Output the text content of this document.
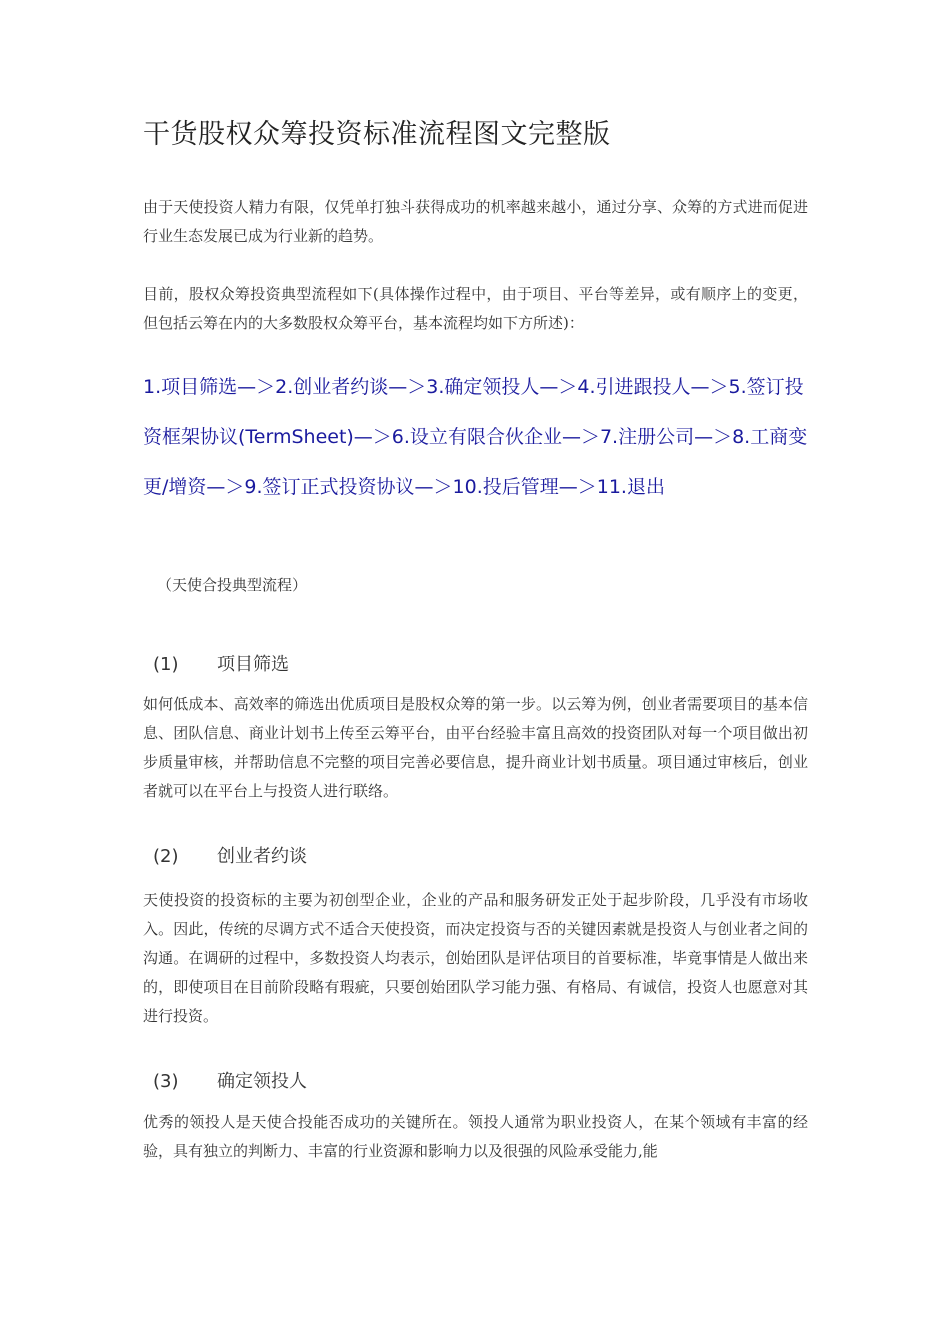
干货股权众筹投资标准流程图文完整版

由于天使投资人精力有限，仅凭单打独斗获得成功的机率越来越小，通过分享、众筹的方式进而促进行业生态发展已成为行业新的趋势。

目前，股权众筹投资典型流程如下(具体操作过程中，由于项目、平台等差异，或有顺序上的变更，但包括云筹在内的大多数股权众筹平台，基本流程均如下方所述)：

1.项目筛选—＞2.创业者约谈—＞3.确定领投人—＞4.引进跟投人—＞5.签订投资框架协议(TermSheet)—＞6.设立有限合伙企业—＞7.注册公司—＞8.工商变更/增资—＞9.签订正式投资协议—＞10.投后管理—＞11.退出

（天使合投典型流程）

(1) 项目筛选

如何低成本、高效率的筛选出优质项目是股权众筹的第一步。以云筹为例，创业者需要项目的基本信息、团队信息、商业计划书上传至云筹平台，由平台经验丰富且高效的投资团队对每一个项目做出初步质量审核，并帮助信息不完整的项目完善必要信息，提升商业计划书质量。项目通过审核后，创业者就可以在平台上与投资人进行联络。

(2) 创业者约谈

天使投资的投资标的主要为初创型企业，企业的产品和服务研发正处于起步阶段，几乎没有市场收入。因此，传统的尽调方式不适合天使投资，而决定投资与否的关键因素就是投资人与创业者之间的沟通。在调研的过程中，多数投资人均表示，创始团队是评估项目的首要标准，毕竟事情是人做出来的，即使项目在目前阶段略有瑕疵，只要创始团队学习能力强、有格局、有诚信，投资人也愿意对其进行投资。

(3) 确定领投人

优秀的领投人是天使合投能否成功的关键所在。领投人通常为职业投资人，在某个领域有丰富的经验，具有独立的判断力、丰富的行业资源和影响力以及很强的风险承受能力,能
